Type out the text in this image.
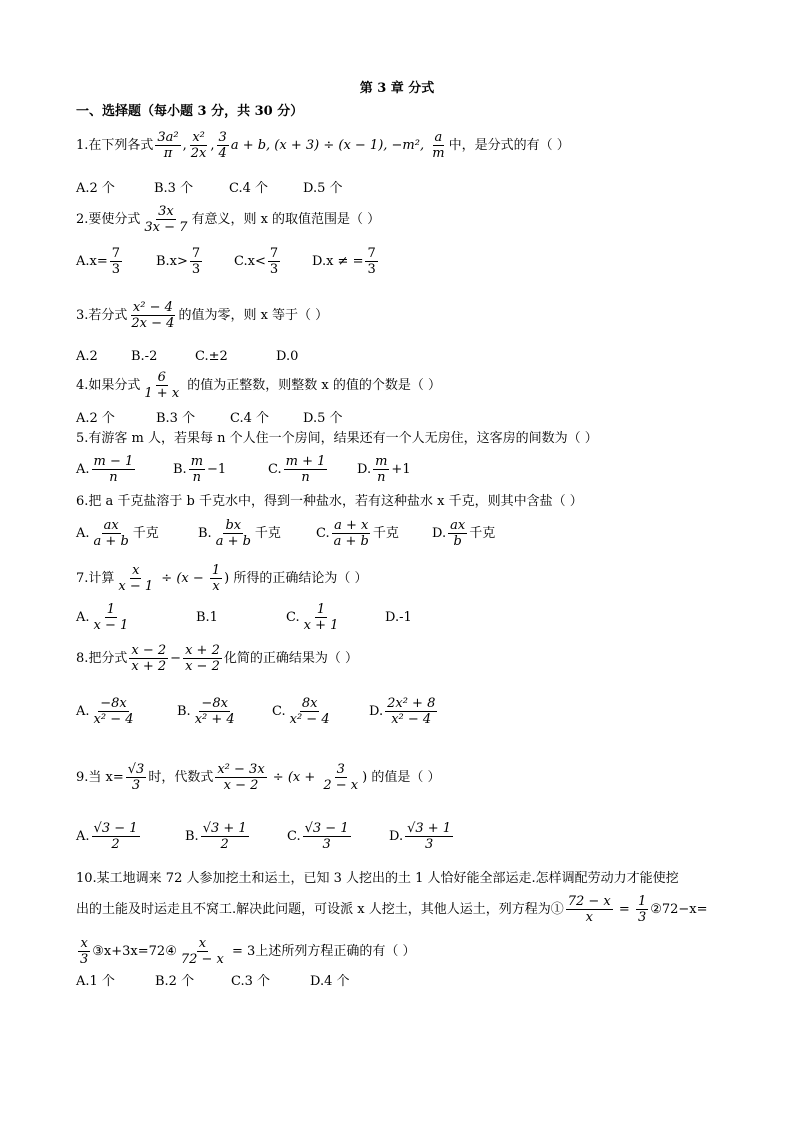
第 3 章 分式
一、选择题（每小题 3 分，共 30 分）
1.在下列各式 $\frac{\text{3a²}}{\pi}$ , $\frac{\text{x²}}{2x}$ , $\frac{3}{4}$ a + b, (x + 3) ÷ (x − 1), −m², $\frac{a}{m}$ 中，是分式的有（ ）
A.2 个	B.3 个	C.4 个	D.5 个
2.要使分式 $\frac{3x}{3x - 7}$ 有意义，则 x 的取值范围是（ ）
$A.x= \frac{7}{3}$	$B.x> \frac{7}{3} C.x< \frac{7}{3} D.x$ ≠ = $\frac{7}{3}$
3.若分式 $\frac{\text{x² − 4}}{2x - 4}$ 的值为零，则 x 等于（ ）
A.2	B.-2	C.±2	D.0
4.如果分式 $\frac{6}{1 + x}$ 的值为正整数，则整数 x 的值的个数是（ ）
A.2 个	B.3 个	C.4 个	D.5 个
5.有游客 m 人，若果每 n 个人住一个房间，结果还有一个人无房住，这客房的间数为（ ）
A. $\frac{m - 1}{n}$	B. $\frac{m}{n} -1$	C. $\frac{m + 1}{n} D$. $\frac{m}{n} +1$
6.把 a 千克盐溶于 b 千克水中，得到一种盐水，若有这种盐水 x 千克，则其中含盐（ ）
A. $\frac{ax}{a + b}$ 千克	B. $\frac{bx}{a + b}$ 千克	C. $\frac{a + x}{a + b}$ 千克	D. $\frac{ax}{b}$ 千克
7.计算 $\frac{x}{x - 1} \div (x - \frac{1}{x}$ ) 所得的正确结论为（ ）
A. $\frac{1}{x - 1}$	B.1	C. $\frac{1}{x + 1}$	D.-1
8.把分式 $\frac{x - 2}{x + 2} - \frac{x + 2}{x - 2}$ 化简的正确结果为（ ）
A. $\frac{-8x}{\text{x² − 4}}$	B. $\frac{-8x}{\text{x² + 4}}$	C. $\frac{8x}{\text{x² − 4}}$	D. $\frac{\text{2x² + 8}}{\text{x² − 4}}$
9.当 $x= \frac{√3}{3}$ 时，代数式 $\frac{\text{x² − 3x}}{x - 2} \div (x + \frac{3}{2 - x}$ ) 的值是（ ）
A. $\frac{√3 - 1}{2}$	B. $\frac{√3 + 1}{2}$	C. $\frac{√3 - 1}{3}$	D. $\frac{√3 + 1}{3}$
10.某工地调来 72 人参加挖土和运土，已知 3 人挖出的土 1 人恰好能全部运走.怎样调配劳动力才能使挖
出的土能及时运走且不窝工.解决此问题，可设派 x 人挖土，其他人运土，列方程为① $\frac{72 - x}{x} = \frac{1}{3}$ ②72−x=
$\frac{x}{3}$ ③x+3x=72④ $\frac{x}{72 - x} = 3$上述所列方程正确的有（ ）
A.1 个	B.2 个	C.3 个	D.4 个
